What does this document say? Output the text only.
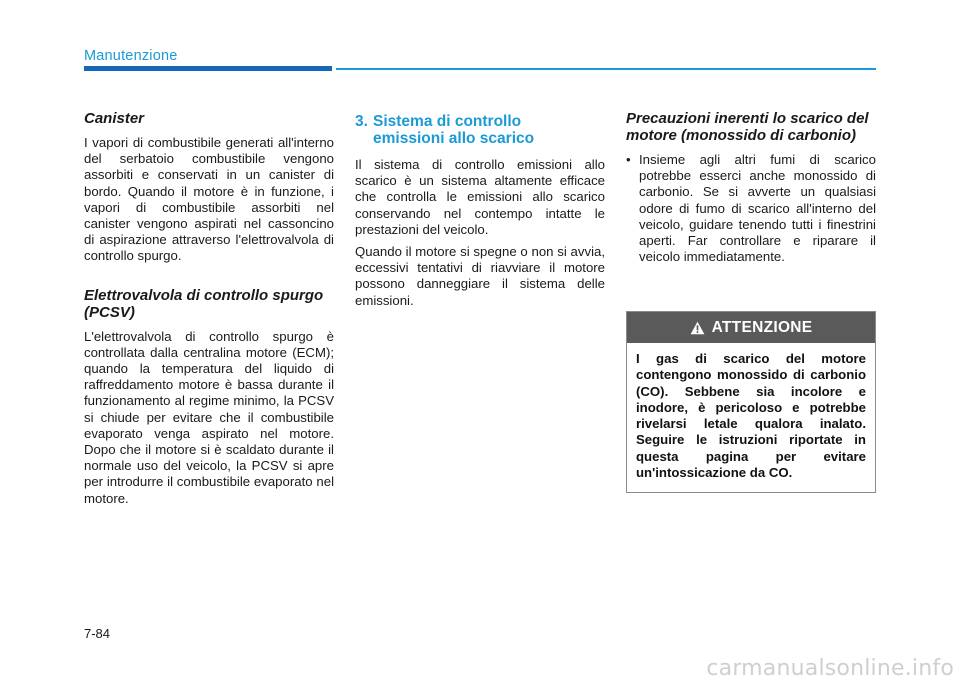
Manutenzione
Canister

I vapori di combustibile generati all'interno del serbatoio combustibile vengono assorbiti e conservati in un canister di bordo. Quando il motore è in funzione, i vapori di combustibile assorbiti nel canister vengono aspirati nel cassoncino di aspirazione attraverso l'elettrovalvola di controllo spurgo.

Elettrovalvola di controllo spurgo (PCSV)

L'elettrovalvola di controllo spurgo è controllata dalla centralina motore (ECM); quando la temperatura del liquido di raffreddamento motore è bassa durante il funzionamento al regime minimo, la PCSV si chiude per evitare che il combustibile evaporato venga aspirato nel motore. Dopo che il motore si è scaldato durante il normale uso del veicolo, la PCSV si apre per introdurre il combustibile evaporato nel motore.

3. Sistema di controllo
emissioni allo scarico

Il sistema di controllo emissioni allo scarico è un sistema altamente efficace che controlla le emissioni allo scarico conservando nel contempo intatte le prestazioni del veicolo.

Quando il motore si spegne o non si avvia, eccessivi tentativi di riavviare il motore possono danneggiare il sistema delle emissioni.

Precauzioni inerenti lo scarico del motore (monossido di carbonio)

• Insieme agli altri fumi di scarico potrebbe esserci anche monossido di carbonio. Se si avverte un qualsiasi odore di fumo di scarico all'interno del veicolo, guidare tenendo tutti i finestrini aperti. Far controllare e riparare il veicolo immediatamente.

ATTENZIONE
I gas di scarico del motore contengono monossido di carbonio (CO). Sebbene sia incolore e inodore, è pericoloso e potrebbe rivelarsi letale qualora inalato. Seguire le istruzioni riportate in questa pagina per evitare un'intossicazione da CO.
7-84
carmanualsonline.info
